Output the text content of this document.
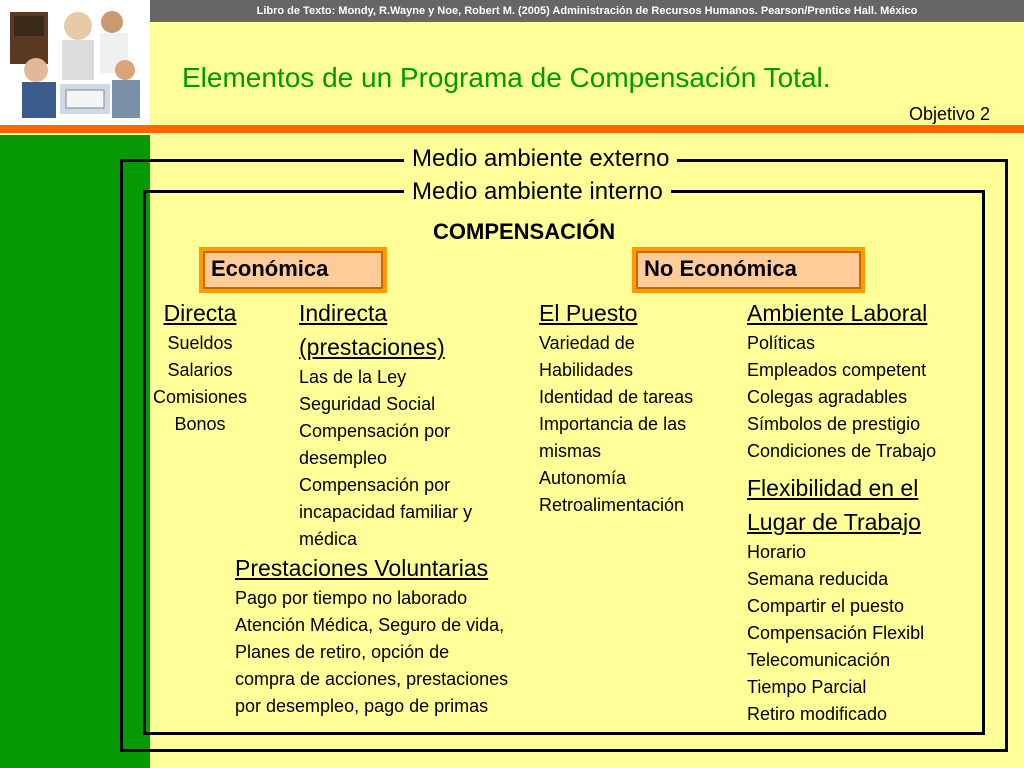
Libro de Texto: Mondy, R.Wayne y Noe, Robert M. (2005) Administración de Recursos Humanos. Pearson/Prentice Hall. México
Elementos de un Programa de Compensación Total.
Objetivo 2
Medio ambiente externo
Medio ambiente interno
COMPENSACIÓN
Económica	No Económica
Directa
Sueldos
Salarios
Comisiones
Bonos
Indirecta
(prestaciones)
Las de la Ley
Seguridad Social
Compensación por
desempleo
Compensación por
incapacidad familiar y
médica
El Puesto
Variedad de
Habilidades
Identidad de tareas
Importancia de las
mismas
Autonomía
Retroalimentación
Ambiente Laboral
Políticas
Empleados competent
Colegas agradables
Símbolos de prestigio
Condiciones de Trabajo
Flexibilidad en el
Lugar de Trabajo
Horario
Semana reducida
Compartir el puesto
Compensación Flexibl
Telecomunicación
Tiempo Parcial
Retiro modificado
Prestaciones Voluntarias
Pago por tiempo no laborado
Atención Médica, Seguro de vida,
Planes de retiro, opción de
compra de acciones, prestaciones
por desempleo, pago de primas
